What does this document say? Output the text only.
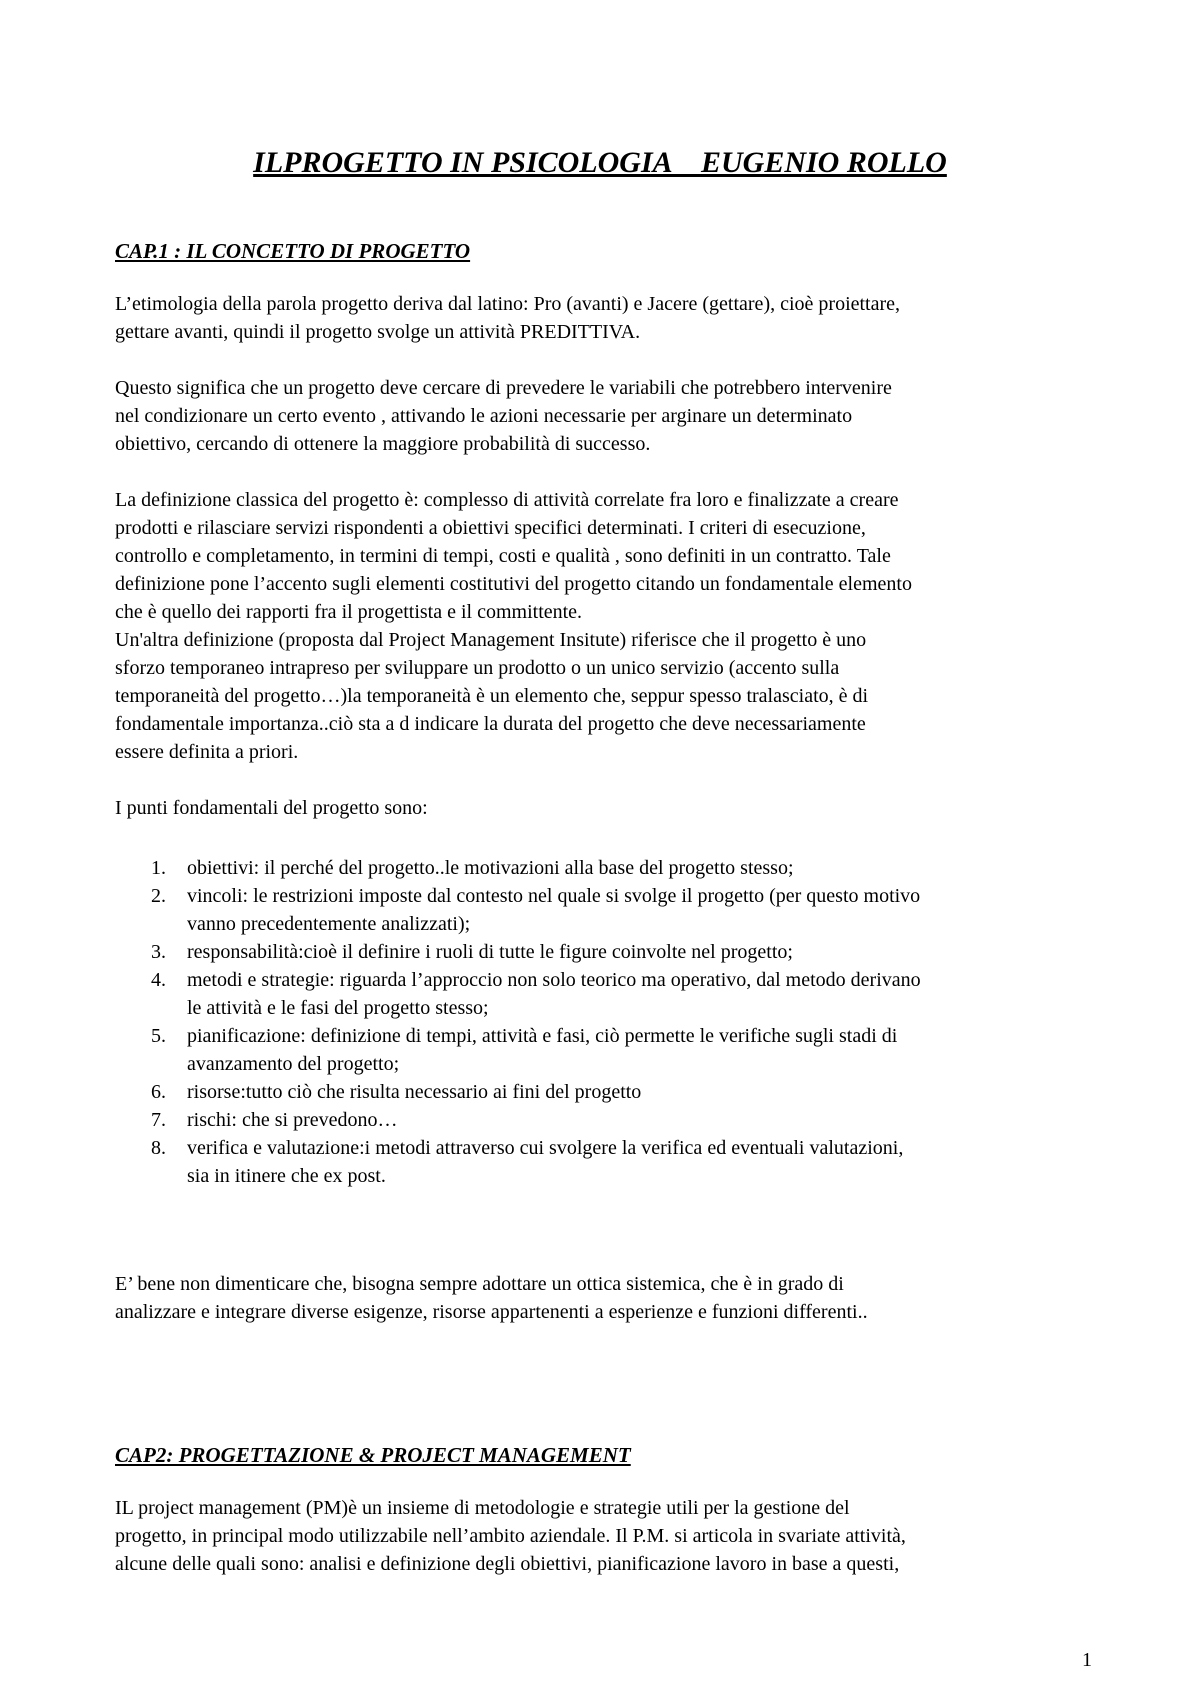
ILPROGETTO IN PSICOLOGIA    EUGENIO ROLLO
CAP.1 : IL CONCETTO DI PROGETTO

L’etimologia della parola progetto deriva dal latino: Pro (avanti) e Jacere (gettare), cioè proiettare,
gettare avanti, quindi il progetto svolge un attività PREDITTIVA.

Questo significa che un progetto deve cercare di prevedere le variabili che potrebbero intervenire
nel condizionare un certo evento , attivando le azioni necessarie per arginare un determinato
obiettivo, cercando di ottenere la maggiore probabilità di successo.

La definizione classica del progetto è: complesso di attività correlate fra loro e finalizzate a creare
prodotti e rilasciare servizi rispondenti a obiettivi specifici determinati. I criteri di esecuzione,
controllo e completamento, in termini di tempi, costi e qualità , sono definiti in un contratto. Tale
definizione pone l’accento sugli elementi costitutivi del progetto citando un fondamentale elemento
che è quello dei rapporti fra il progettista e il committente.
Un'altra definizione (proposta dal Project Management Insitute) riferisce che il progetto è uno
sforzo temporaneo intrapreso per sviluppare un prodotto o un unico servizio (accento sulla
temporaneità del progetto…)la temporaneità è un elemento che, seppur spesso tralasciato, è di
fondamentale importanza..ciò sta a d indicare la durata del progetto che deve necessariamente
essere definita a priori.

I punti fondamentali del progetto sono:

1. obiettivi: il perché del progetto..le motivazioni alla base del progetto stesso;
2. vincoli: le restrizioni imposte dal contesto nel quale si svolge il progetto (per questo motivo
vanno precedentemente analizzati);
3. responsabilità:cioè il definire i ruoli di tutte le figure coinvolte nel progetto;
4. metodi e strategie: riguarda l’approccio non solo teorico ma operativo, dal metodo derivano
le attività e le fasi del progetto stesso;
5. pianificazione: definizione di tempi, attività e fasi, ciò permette le verifiche sugli stadi di
avanzamento del progetto;
6. risorse:tutto ciò che risulta necessario ai fini del progetto
7. rischi: che si prevedono…
8. verifica e valutazione:i metodi attraverso cui svolgere la verifica ed eventuali valutazioni,
sia in itinere che ex post.

E’ bene non dimenticare che, bisogna sempre adottare un ottica sistemica, che è in grado di
analizzare e integrare diverse esigenze, risorse appartenenti a esperienze e funzioni differenti..

CAP2: PROGETTAZIONE & PROJECT MANAGEMENT

IL project management (PM)è un insieme di metodologie e strategie utili per la gestione del
progetto, in principal modo utilizzabile nell’ambito aziendale. Il P.M. si articola in svariate attività,
alcune delle quali sono: analisi e definizione degli obiettivi, pianificazione lavoro in base a questi,

1
